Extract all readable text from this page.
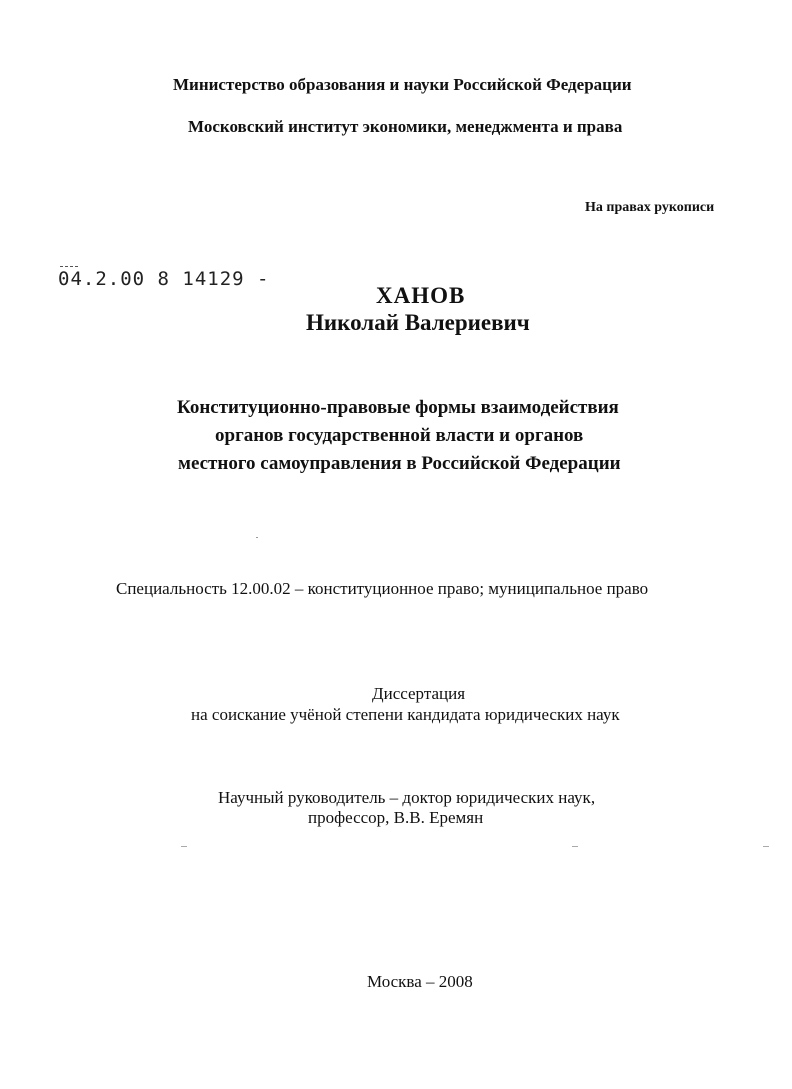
Министерство образования и науки Российской Федерации
Московский институт экономики, менеджмента и права
На правах рукописи
04.2.00 8 14129 -
ХАНОВ
Николай Валериевич
Конституционно-правовые формы взаимодействия
органов государственной власти и органов
местного самоуправления в Российской Федерации
Специальность 12.00.02 – конституционное право; муниципальное право
Диссертация
на соискание учёной степени кандидата юридических наук
Научный руководитель – доктор юридических наук,
профессор, В.В. Еремян
Москва – 2008
